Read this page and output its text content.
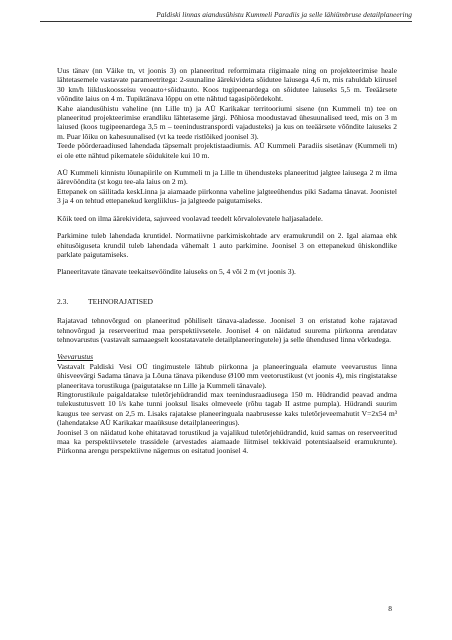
Paldiski linnas aiandusühistu Kummeli Paradiis ja selle lähiümbruse detailplaneering

Uus tänav (nn Väike tn, vt joonis 3) on planeeritud reformimata riigimaale ning on projekteerimise heale lähtetasemele vastavate parameetritega: 2-suunaline äärekivideta sõidutee laiusega 4,6 m, mis rahuldab kiirusel 30 km/h liikluskoosseisu veoauto+sõiduauto. Koos tugipeenardega on sõidutee laiuseks 5,5 m. Teeäärsete võõndite laius on 4 m. Tupiktänava lõppu on ette nähtud tagasipöördekoht.

Kahe aiandusühistu vaheline (nn Lille tn) ja AÜ Karikakar territooriumi sisene (nn Kummeli tn) tee on planeeritud projekteerimise erandliku lähtetaseme järgi. Põhiosa moodustavad ühesuunalised teed, mis on 3 m laiused (koos tugipeenardega 3,5 m – teenindustranspordi vajadusteks) ja kus on teeäärsete võõndite laiuseks 2 m. Puar lõiku on kahesuunalised (vt ka teede ristlõiked joonisel 3).

Teede pöörderaadiused lahendada täpsemalt projektistaadiumis. AÜ Kummeli Paradiis sisetänav (Kummeli tn) ei ole ette nähtud pikematele sõidukitele kui 10 m.

AÜ Kummeli kinnistu lõunapiirile on Kummeli tn ja Lille tn ühendusteks planeeritud jalgtee laiusega 2 m ilma äärevööndita (st kogu tee-ala laius on 2 m).

Ettepanek on säilitada keskLinna ja aiamaade piirkonna vaheline jalgteeühendus piki Sadama tänavat. Joonistel 3 ja 4 on tehtud ettepanekud kergliiklus- ja jalgteede paigutamiseks.

Kõik teed on ilma äärekivideta, sajuveed voolavad teedelt kõrvalolevatele haljasaladele.

Parkimine tuleb lahendada kruntidel. Normatiivne parkimiskohtade arv eramukrundil on 2. Igal aiamaa ehk ehitusõiguseta krundil tuleb lahendada vähemalt 1 auto parkimine. Joonisel 3 on ettepanekud ühiskondlike parklate paigutamiseks.

Planeeritavate tänavate teekaitsevööndite laiuseks on 5, 4 või 2 m (vt joonis 3).

2.3.	TEHNORAJATISED

Rajatavad tehnovõrgud on planeeritud põhiliselt tänava-aladesse. Joonisel 3 on eristatud kohe rajatavad tehnovõrgud ja reserveeritud maa perspektiivsetele. Joonisel 4 on näidatud suurema piirkonna arendatav tehnovarustus (vastavalt samaaegselt koostatavatele detailplaneeringutele) ja selle ühendused linna võrkudega.

Veevarustus

Vastavalt Paldiski Vesi OÜ tingimustele lähtub piirkonna ja planeeringuala elamute veevarustus linna ühisveevärgi Sadama tänava ja Lõuna tänava pikendusе Ø100 mm veetorustikust (vt joonis 4), mis ringistatakse planeeritava torustikuga (paigutatakse nn Lille ja Kummeli tänavale).

Ringtorustikule paigaldatakse tuletõrjehüdrandid max teenindusraadiusega 150 m. Hüdrandid peavad andma tulekustutusvett 10 l/s kahe tunni jooksul lisaks olmeveele (rõhu tagab II astme pumpla). Hüdrandi suurim kaugus tee servast on 2,5 m. Lisaks rajatakse planeeringuala naabrusesse kaks tuletõrjeveemahutit V=2x54 m³ (lahendatakse AÜ Karikakar maaüksuse detailplaneeringus).

Joonisel 3 on näidatud kohe ehitatavad torustikud ja vajalikud tuletõrjehüdrandid, kuid samas on reserveeritud maa ka perspektiivsetele trassidele (arvestades aiamaade liitmisel tekkivaid potentsiaalseid eramukrunte). Piirkonna arengu perspektiivne nägemus on esitatud joonisel 4.

8
